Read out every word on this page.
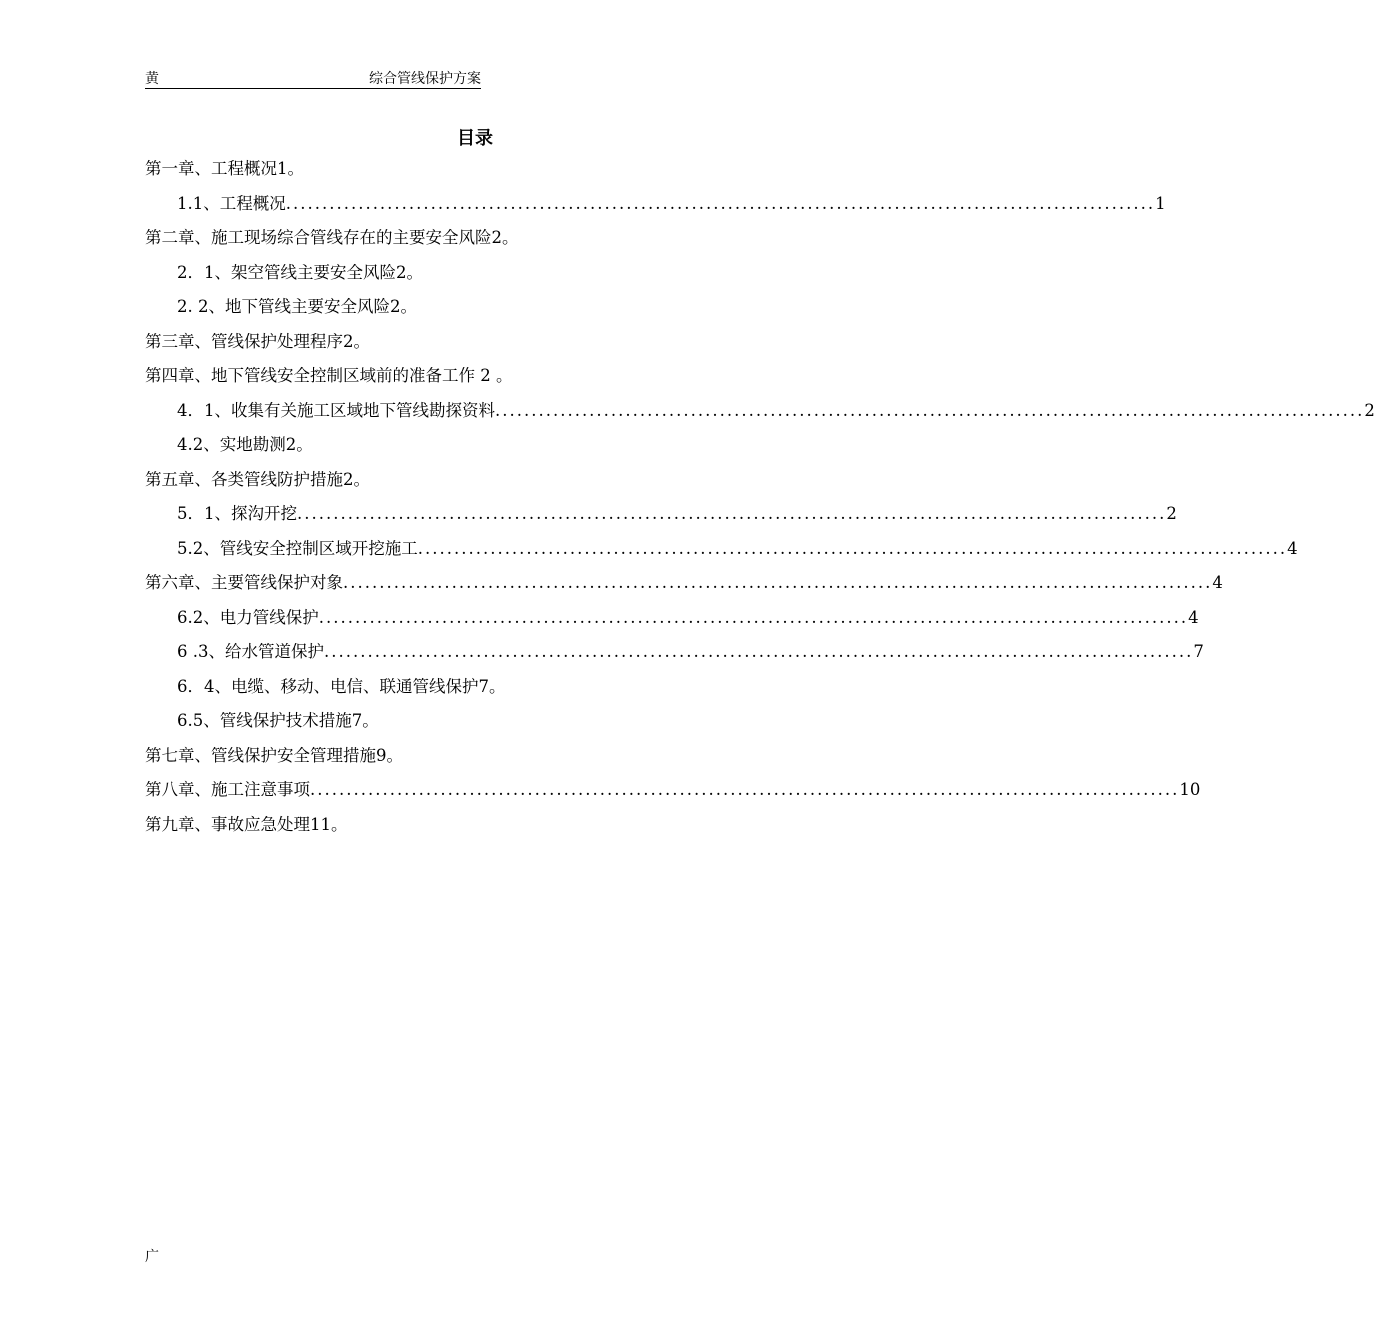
黄	综合管线保护方案
目录
第一章、工程概况1。
1.1、工程概况 ........................................................................................................................ 1
第二章、施工现场综合管线存在的主要安全风险2。
2．1、架空管线主要安全风险2。
2. 2、地下管线主要安全风险2。
第三章、管线保护处理程序2。
第四章、地下管线安全控制区域前的准备工作 2 。
4．1、收集有关施工区域地下管线勘探资料 ........................................................................................................................ 2
4.2、实地勘测2。
第五章、各类管线防护措施2。
5．1、探沟开挖 ........................................................................................................................ 2
5.2、管线安全控制区域开挖施工 ........................................................................................................................ 4
第六章、主要管线保护对象 ........................................................................................................................ 4
6.2、电力管线保护 ........................................................................................................................ 4
6 .3、给水管道保护 ........................................................................................................................ 7
6．4、电缆、移动、电信、联通管线保护7。
6.5、管线保护技术措施7。
第七章、管线保护安全管理措施9。
第八章、施工注意事项 ........................................................................................................................ 10
第九章、事故应急处理11。
广
